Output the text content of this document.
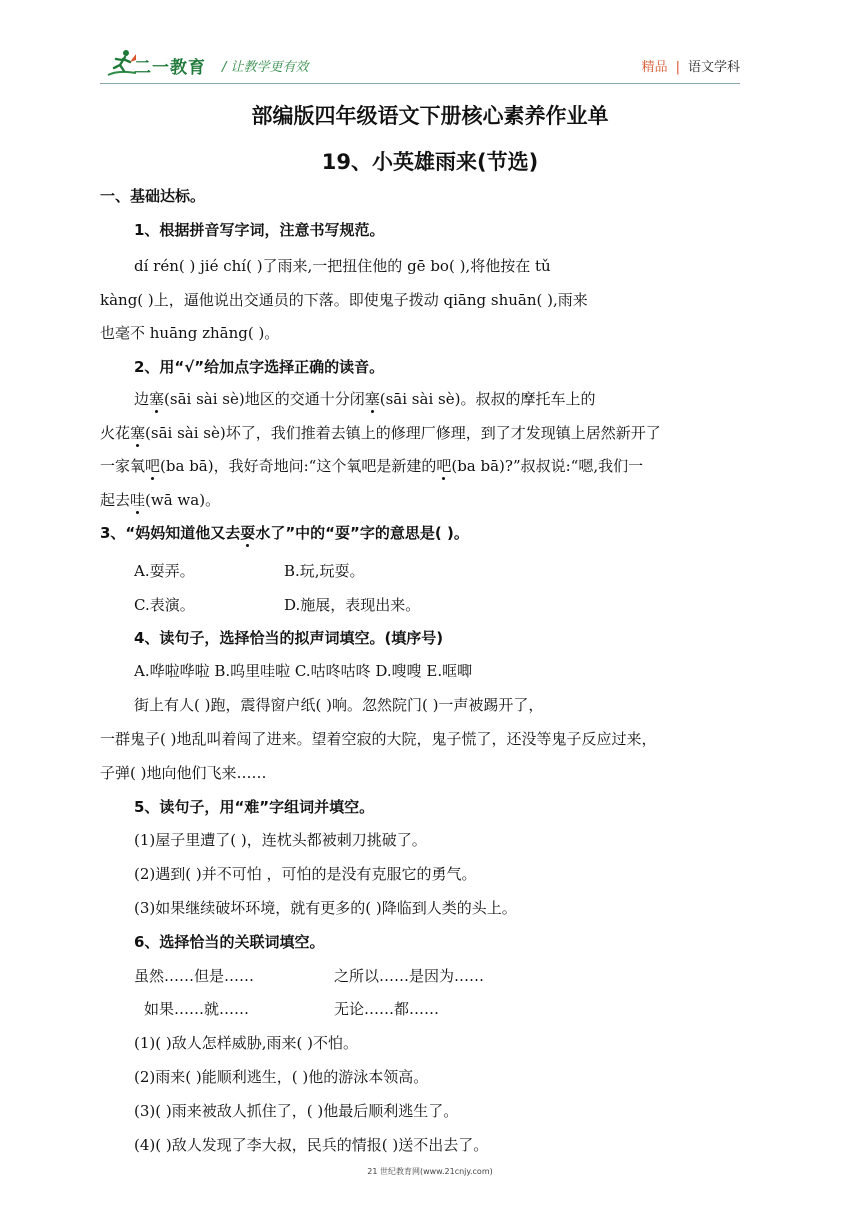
二一教育 / 让教学更有效	精品 | 语文学科
部编版四年级语文下册核心素养作业单
19、小英雄雨来(节选)
一、基础达标。
1、根据拼音写字词，注意书写规范。
dí rén( ) jié chí( )了雨来,一把扭住他的 gē bo( ),将他按在 tǔ
kàng( )上，逼他说出交通员的下落。即使鬼子拨动 qiāng shuān( ),雨来
也毫不 huāng zhāng( )。
2、用“√”给加点字选择正确的读音。
边塞(sāi sài sè)地区的交通十分闭塞(sāi sài sè)。叔叔的摩托车上的
火花塞(sāi sài sè)坏了，我们推着去镇上的修理厂修理，到了才发现镇上居然新开了
一家氧吧(ba bā)，我好奇地问:“这个氧吧是新建的吧(ba bā)?”叔叔说:“嗯,我们一
起去哇(wā wa)。
3、“妈妈知道他又去耍水了”中的“耍”字的意思是( )。
A.耍弄。	B.玩,玩耍。
C.表演。	D.施展，表现出来。
4、读句子，选择恰当的拟声词填空。(填序号)
A.哗啦哗啦 B.呜里哇啦 C.咕咚咕咚 D.嗖嗖 E.哐唧
街上有人( )跑，震得窗户纸( )响。忽然院门( )一声被踢开了，
一群鬼子( )地乱叫着闯了进来。望着空寂的大院，鬼子慌了，还没等鬼子反应过来，
子弹( )地向他们飞来……
5、读句子，用“难”字组词并填空。
(1)屋子里遭了( )，连枕头都被刺刀挑破了。
(2)遇到( )并不可怕 ，可怕的是没有克服它的勇气。
(3)如果继续破坏环境，就有更多的( )降临到人类的头上。
6、选择恰当的关联词填空。
虽然……但是……	之所以……是因为……
如果……就……	无论……都……
(1)( )敌人怎样威胁,雨来( )不怕。
(2)雨来( )能顺利逃生，( )他的游泳本领高。
(3)( )雨来被敌人抓住了，( )他最后顺利逃生了。
(4)( )敌人发现了李大叔，民兵的情报( )送不出去了。
21 世纪教育网(www.21cnjy.com)
